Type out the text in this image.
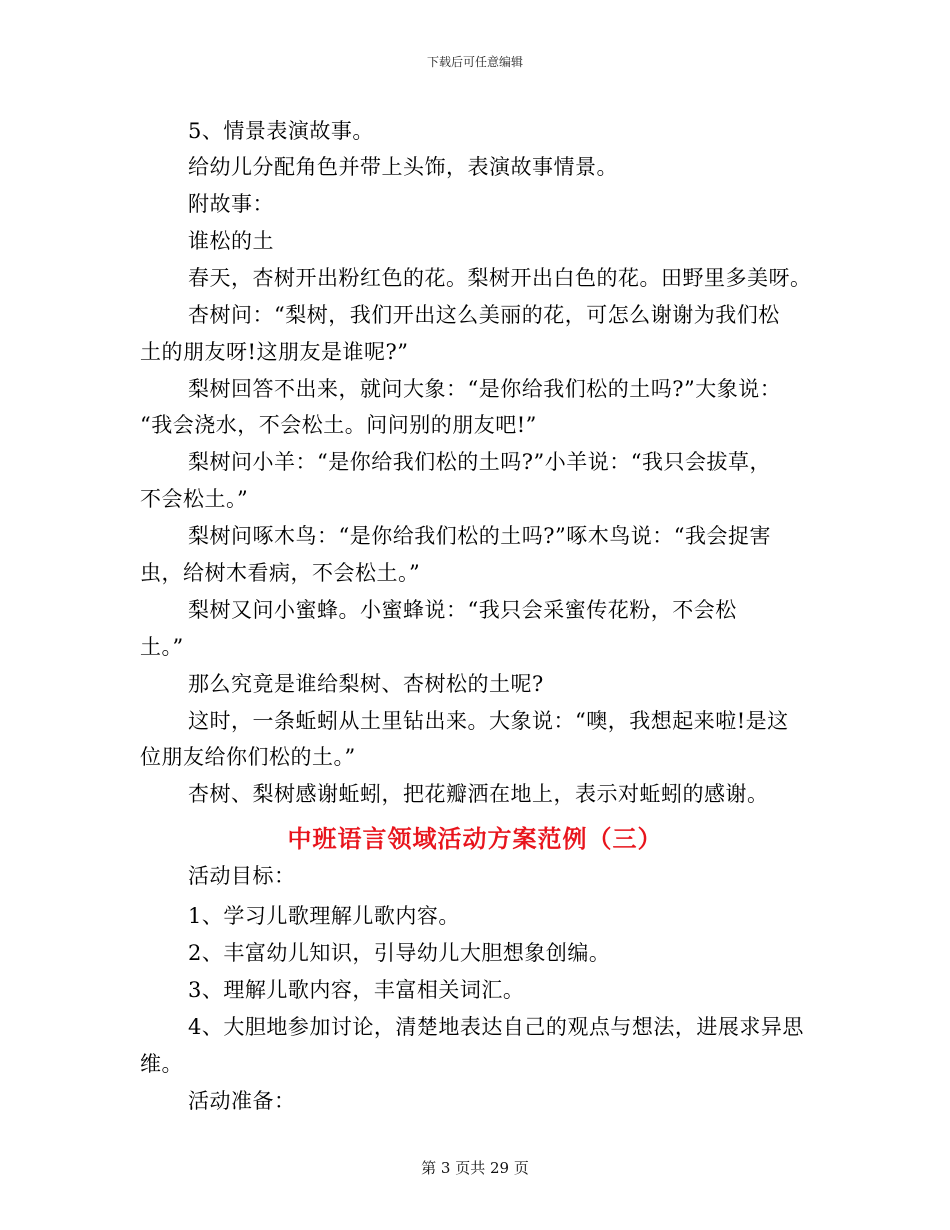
下载后可任意编辑
5、情景表演故事。
给幼儿分配角色并带上头饰，表演故事情景。
附故事：
谁松的土
春天，杏树开出粉红色的花。梨树开出白色的花。田野里多美呀。
杏树问：“梨树，我们开出这么美丽的花，可怎么谢谢为我们松
土的朋友呀!这朋友是谁呢?”
梨树回答不出来，就问大象：“是你给我们松的土吗?”大象说：
“我会浇水，不会松土。问问别的朋友吧!”
梨树问小羊：“是你给我们松的土吗?”小羊说：“我只会拔草，
不会松土。”
梨树问啄木鸟：“是你给我们松的土吗?”啄木鸟说：“我会捉害
虫，给树木看病，不会松土。”
梨树又问小蜜蜂。小蜜蜂说：“我只会采蜜传花粉，不会松
土。”
那么究竟是谁给梨树、杏树松的土呢?
这时，一条蚯蚓从土里钻出来。大象说：“噢，我想起来啦!是这
位朋友给你们松的土。”
杏树、梨树感谢蚯蚓，把花瓣洒在地上，表示对蚯蚓的感谢。
中班语言领域活动方案范例（三）
活动目标：
1、学习儿歌理解儿歌内容。
2、丰富幼儿知识，引导幼儿大胆想象创编。
3、理解儿歌内容，丰富相关词汇。
4、大胆地参加讨论，清楚地表达自己的观点与想法，进展求异思
维。
活动准备：
第 3 页共 29 页
